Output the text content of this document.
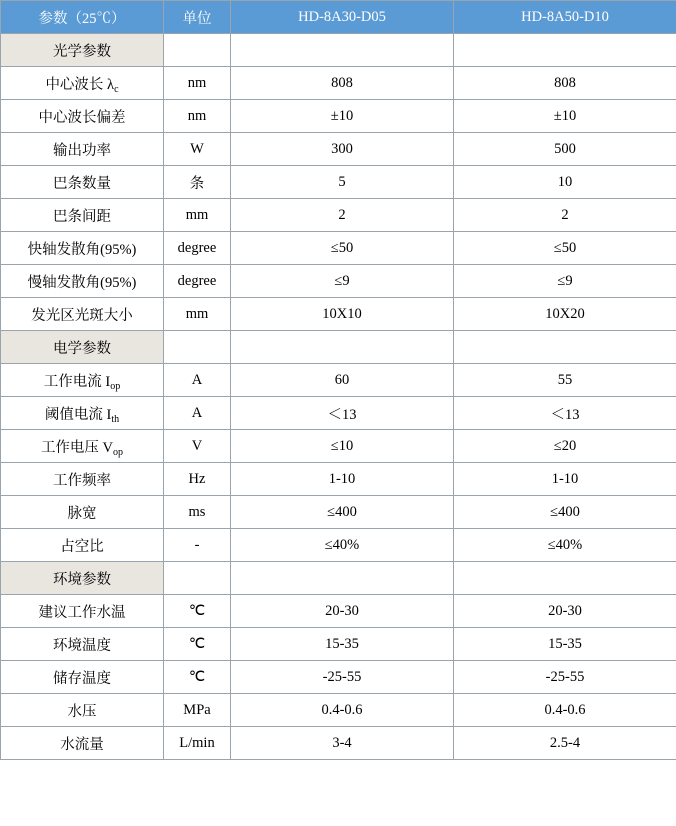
参数（25℃）	单位	HD-8A30-D05	HD-8A50-D10
光学参数			
中心波长 $\lambda_c$	nm	808	808
中心波长偏差	nm	±10	±10
输出功率	W	300	500
巴条数量	条	5	10
巴条间距	mm	2	2
快轴发散角(95%)	degree	≤50	≤50
慢轴发散角(95%)	degree	≤9	≤9
发光区光斑大小	mm	10X10	10X20
电学参数			
工作电流 $I_{op}$	A	60	55
阈值电流 $I_{th}$	A	＜13	＜13
工作电压 $V_{op}$	V	≤10	≤20
工作频率	Hz	1-10	1-10
脉宽	ms	≤400	≤400
占空比	-	≤40%	≤40%
环境参数			
建议工作水温	℃	20-30	20-30
环境温度	℃	15-35	15-35
储存温度	℃	-25-55	-25-55
水压	MPa	0.4-0.6	0.4-0.6
水流量	L/min	3-4	2.5-4
